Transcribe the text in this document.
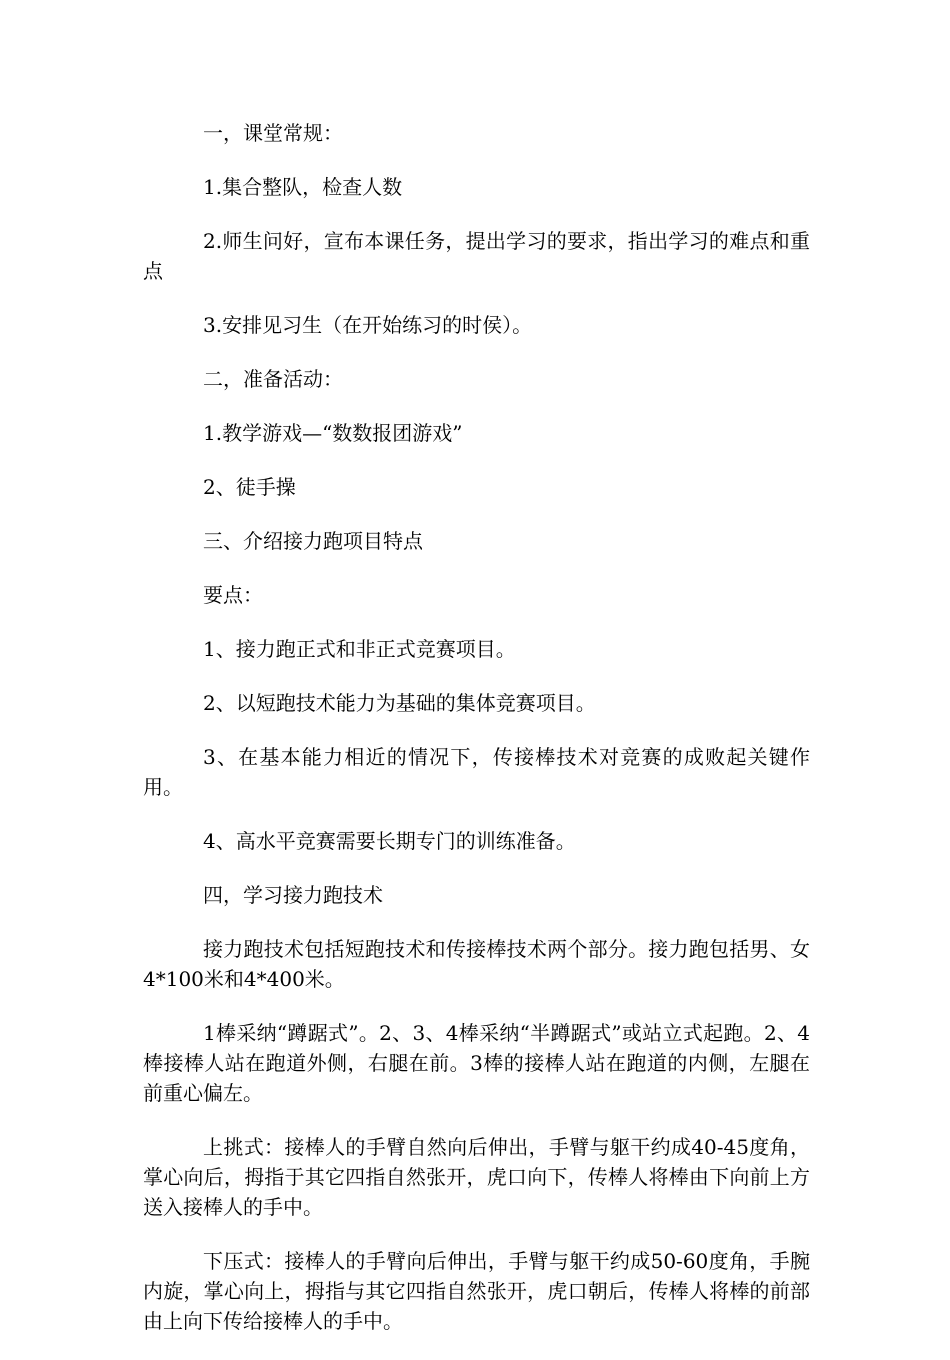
一，课堂常规：

1.集合整队，检查人数

2.师生问好，宣布本课任务，提出学习的要求，指出学习的难点和重点

3.安排见习生（在开始练习的时侯）。

二，准备活动：

1.教学游戏—“数数报团游戏”

2、徒手操

三、介绍接力跑项目特点

要点：

1、接力跑正式和非正式竞赛项目。

2、以短跑技术能力为基础的集体竞赛项目。

3、在基本能力相近的情况下，传接棒技术对竞赛的成败起关键作用。

4、高水平竞赛需要长期专门的训练准备。

四，学习接力跑技术

接力跑技术包括短跑技术和传接棒技术两个部分。接力跑包括男、女4*100米和4*400米。

1棒采纳“蹲踞式”。2、3、4棒采纳“半蹲踞式”或站立式起跑。2、4棒接棒人站在跑道外侧，右腿在前。3棒的接棒人站在跑道的内侧，左腿在前重心偏左。

上挑式：接棒人的手臂自然向后伸出，手臂与躯干约成40-45度角，掌心向后，拇指于其它四指自然张开，虎口向下，传棒人将棒由下向前上方送入接棒人的手中。

下压式：接棒人的手臂向后伸出，手臂与躯干约成50-60度角，手腕内旋，掌心向上，拇指与其它四指自然张开，虎口朝后，传棒人将棒的前部由上向下传给接棒人的手中。
